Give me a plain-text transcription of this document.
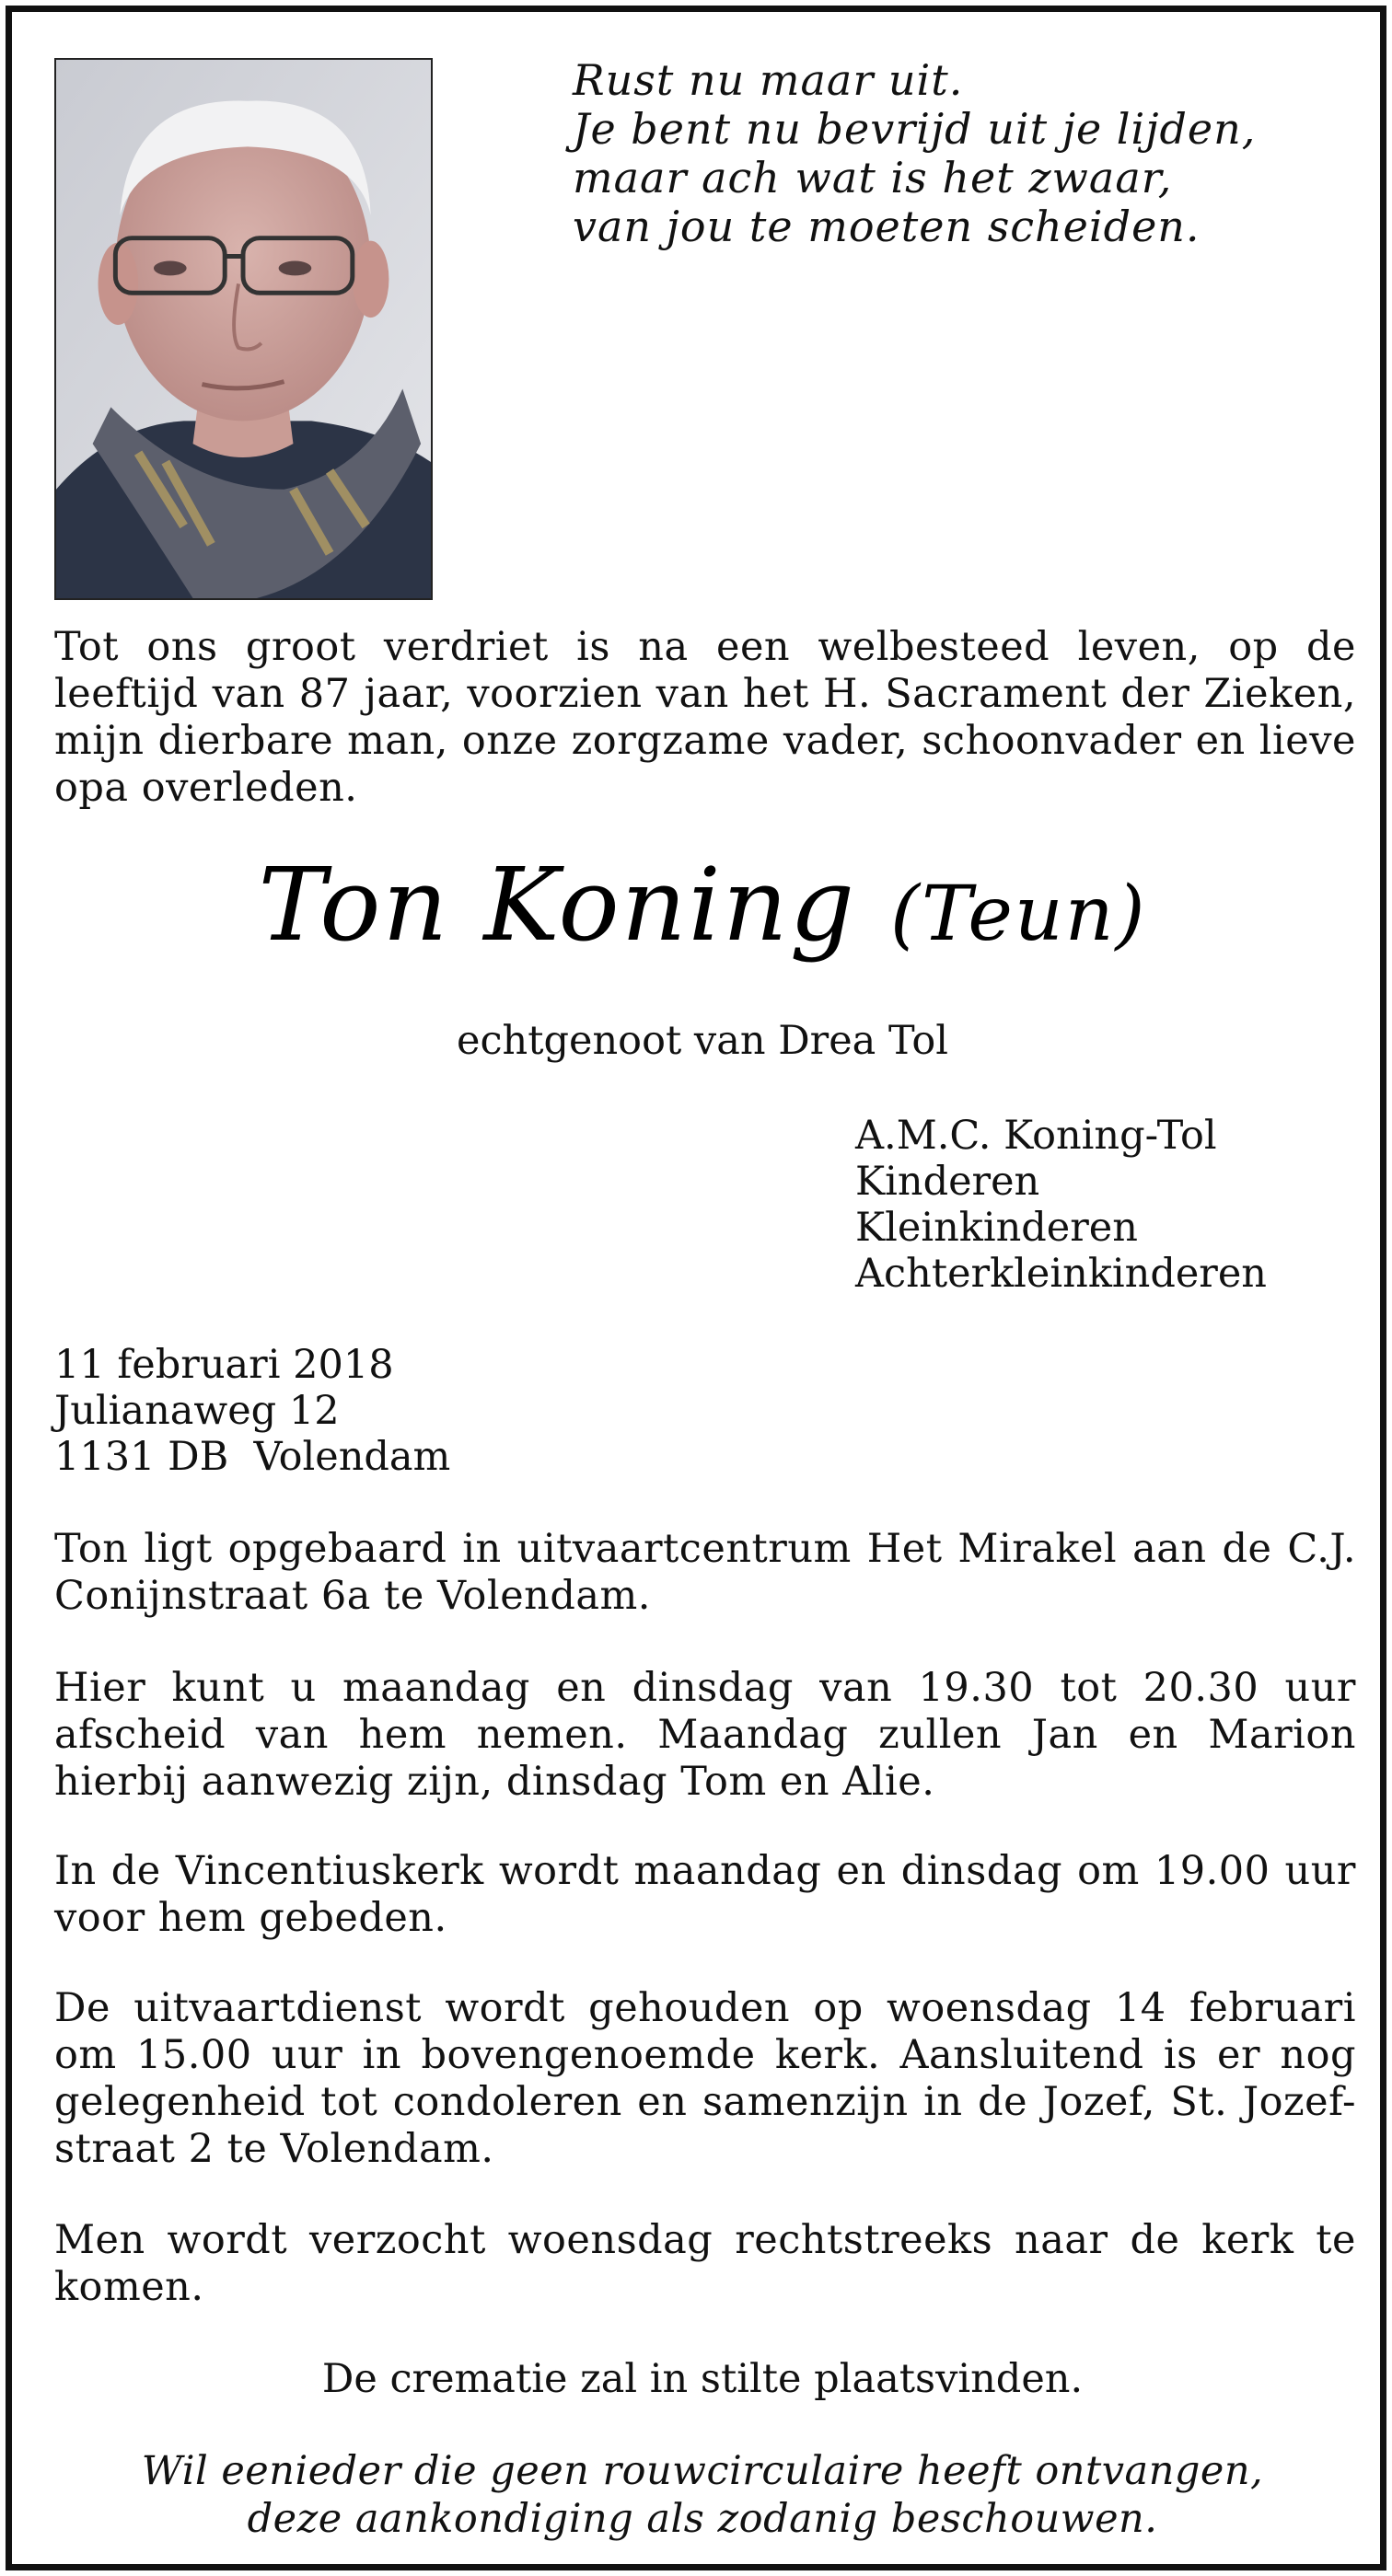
Rust nu maar uit.
Je bent nu bevrijd uit je lijden,
maar ach wat is het zwaar,
van jou te moeten scheiden.
Tot ons groot verdriet is na een welbesteed leven, op de leeftijd van 87 jaar, voorzien van het H. Sacrament der Zieken, mijn dierbare man, onze zorgzame vader, schoonvader en lieve opa overleden.
Ton Koning (Teun)
echtgenoot van Drea Tol
A.M.C. Koning-Tol
Kinderen
Kleinkinderen
Achterkleinkinderen
11 februari 2018
Julianaweg 12
1131 DB  Volendam
Ton ligt opgebaard in uitvaartcentrum Het Mirakel aan de C.J. Conijnstraat 6a te Volendam.
Hier kunt u maandag en dinsdag van 19.30 tot 20.30 uur afscheid van hem nemen. Maandag zullen Jan en Marion hierbij aanwezig zijn, dinsdag Tom en Alie.
In de Vincentiuskerk wordt maandag en dinsdag om 19.00 uur voor hem gebeden.
De uitvaartdienst wordt gehouden op woensdag 14 februari om 15.00 uur in bovengenoemde kerk. Aansluitend is er nog gelegenheid tot condoleren en samenzijn in de Jozef, St. Jozef-straat 2 te Volendam.
Men wordt verzocht woensdag rechtstreeks naar de kerk te komen.
De crematie zal in stilte plaatsvinden.
Wil eenieder die geen rouwcirculaire heeft ontvangen,
deze aankondiging als zodanig beschouwen.
